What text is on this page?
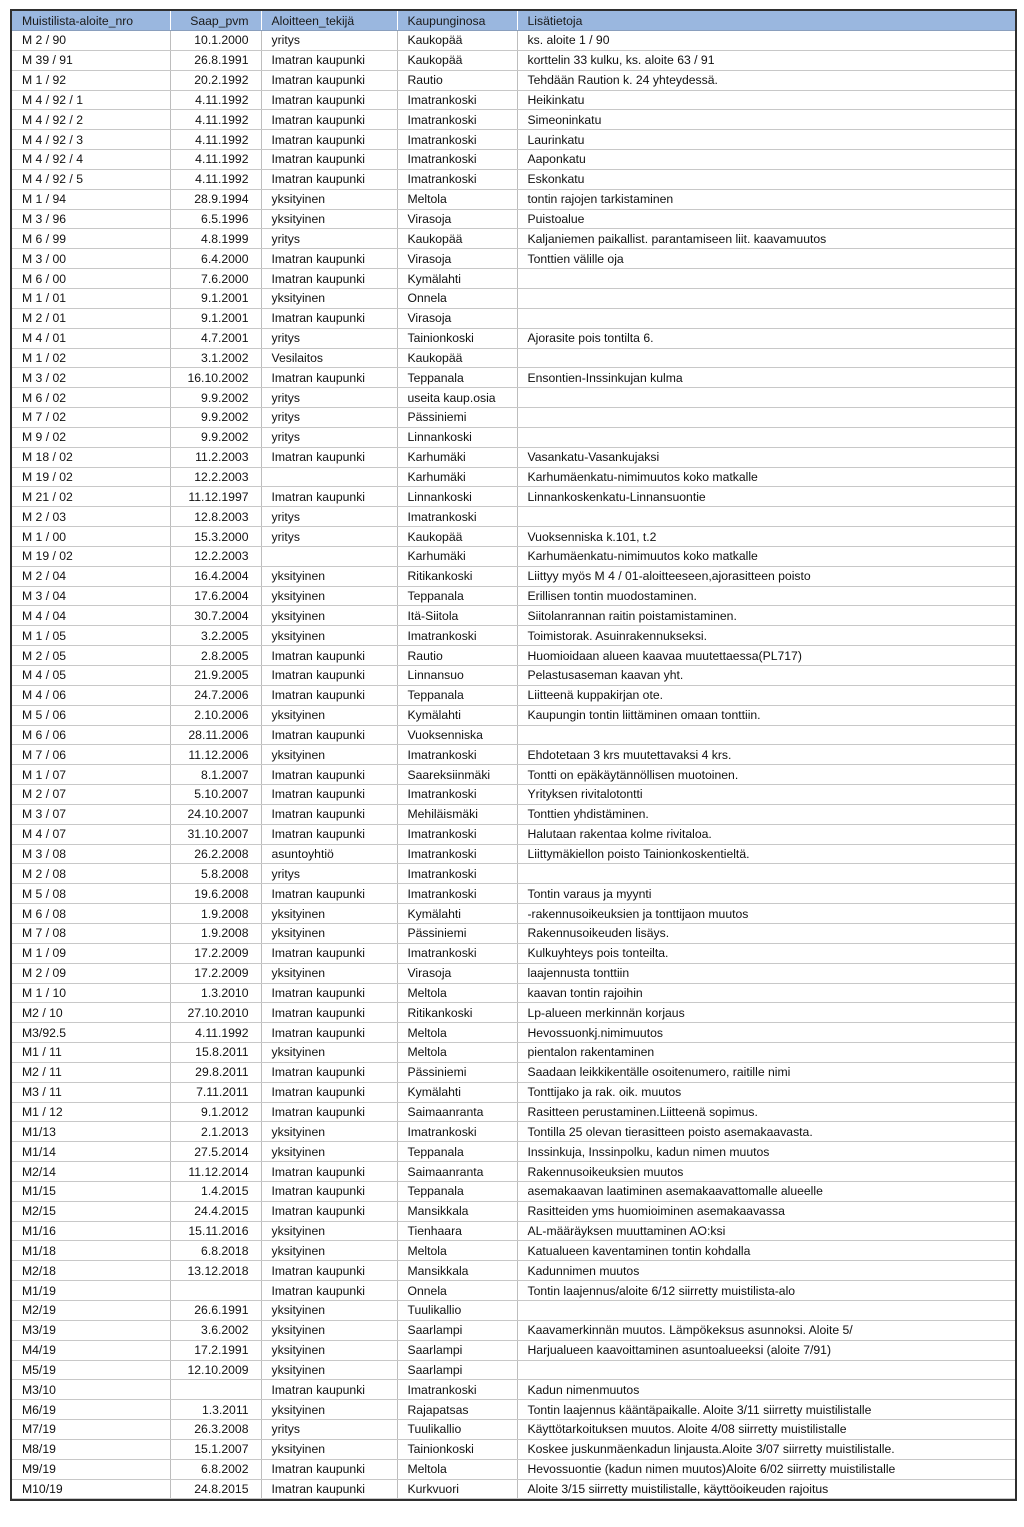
Muistilista-aloite_nro	Saap_pvm	Aloitteen_tekijä	Kaupunginosa	Lisätietoja
M 2 / 90	10.1.2000	yritys	Kaukopää	ks. aloite 1 / 90
M 39 / 91	26.8.1991	Imatran kaupunki	Kaukopää	korttelin 33 kulku, ks. aloite 63 / 91
M 1 / 92	20.2.1992	Imatran kaupunki	Rautio	Tehdään Raution k. 24 yhteydessä.
M 4 / 92 / 1	4.11.1992	Imatran kaupunki	Imatrankoski	Heikinkatu
M 4 / 92 / 2	4.11.1992	Imatran kaupunki	Imatrankoski	Simeoninkatu
M 4 / 92 / 3	4.11.1992	Imatran kaupunki	Imatrankoski	Laurinkatu
M 4 / 92 / 4	4.11.1992	Imatran kaupunki	Imatrankoski	Aaponkatu
M 4 / 92 / 5	4.11.1992	Imatran kaupunki	Imatrankoski	Eskonkatu
M 1 / 94	28.9.1994	yksityinen	Meltola	tontin rajojen tarkistaminen
M 3 / 96	6.5.1996	yksityinen	Virasoja	Puistoalue
M 6 / 99	4.8.1999	yritys	Kaukopää	Kaljaniemen paikallist. parantamiseen liit. kaavamuutos
M 3 / 00	6.4.2000	Imatran kaupunki	Virasoja	Tonttien välille oja
M 6 / 00	7.6.2000	Imatran kaupunki	Kymälahti	
M 1 / 01	9.1.2001	yksityinen	Onnela	
M 2 / 01	9.1.2001	Imatran kaupunki	Virasoja	
M 4 / 01	4.7.2001	yritys	Tainionkoski	Ajorasite pois tontilta 6.
M 1 / 02	3.1.2002	Vesilaitos	Kaukopää	
M 3 / 02	16.10.2002	Imatran kaupunki	Teppanala	Ensontien-Inssinkujan kulma
M 6 / 02	9.9.2002	yritys	useita kaup.osia	
M 7 / 02	9.9.2002	yritys	Pässiniemi	
M 9 / 02	9.9.2002	yritys	Linnankoski	
M 18 / 02	11.2.2003	Imatran kaupunki	Karhumäki	Vasankatu-Vasankujaksi
M 19 / 02	12.2.2003		Karhumäki	Karhumäenkatu-nimimuutos koko matkalle
M 21 / 02	11.12.1997	Imatran kaupunki	Linnankoski	Linnankoskenkatu-Linnansuontie
M 2 / 03	12.8.2003	yritys	Imatrankoski	
M 1 / 00	15.3.2000	yritys	Kaukopää	Vuoksenniska k.101, t.2
M 19 / 02	12.2.2003		Karhumäki	Karhumäenkatu-nimimuutos koko matkalle
M 2 / 04	16.4.2004	yksityinen	Ritikankoski	Liittyy myös M 4 / 01-aloitteeseen,ajorasitteen poisto
M 3 / 04	17.6.2004	yksityinen	Teppanala	Erillisen tontin muodostaminen.
M 4 / 04	30.7.2004	yksityinen	Itä-Siitola	Siitolanrannan raitin poistamistaminen.
M 1 / 05	3.2.2005	yksityinen	Imatrankoski	Toimistorak. Asuinrakennukseksi.
M 2 / 05	2.8.2005	Imatran kaupunki	Rautio	Huomioidaan alueen kaavaa muutettaessa(PL717)
M 4 / 05	21.9.2005	Imatran kaupunki	Linnansuo	Pelastusaseman kaavan yht.
M 4 / 06	24.7.2006	Imatran kaupunki	Teppanala	Liitteenä kuppakirjan ote.
M 5 / 06	2.10.2006	yksityinen	Kymälahti	Kaupungin tontin liittäminen omaan tonttiin.
M 6 / 06	28.11.2006	Imatran kaupunki	Vuoksenniska	
M 7 / 06	11.12.2006	yksityinen	Imatrankoski	Ehdotetaan 3 krs muutettavaksi 4 krs.
M 1 / 07	8.1.2007	Imatran kaupunki	Saareksiinmäki	Tontti on epäkäytännöllisen muotoinen.
M 2 / 07	5.10.2007	Imatran kaupunki	Imatrankoski	Yrityksen rivitalotontti
M 3 / 07	24.10.2007	Imatran kaupunki	Mehiläismäki	Tonttien yhdistäminen.
M 4 / 07	31.10.2007	Imatran kaupunki	Imatrankoski	Halutaan rakentaa kolme rivitaloa.
M 3 / 08	26.2.2008	asuntoyhtiö	Imatrankoski	Liittymäkiellon poisto Tainionkoskentieltä.
M 2 / 08	5.8.2008	yritys	Imatrankoski	
M 5 / 08	19.6.2008	Imatran kaupunki	Imatrankoski	Tontin varaus ja myynti
M 6 / 08	1.9.2008	yksityinen	Kymälahti	-rakennusoikeuksien ja tonttijaon muutos
M 7 / 08	1.9.2008	yksityinen	Pässiniemi	Rakennusoikeuden lisäys.
M 1 / 09	17.2.2009	Imatran kaupunki	Imatrankoski	Kulkuyhteys pois tonteilta.
M 2 / 09	17.2.2009	yksityinen	Virasoja	laajennusta tonttiin
M 1 / 10	1.3.2010	Imatran kaupunki	Meltola	kaavan tontin rajoihin
M2 / 10	27.10.2010	Imatran kaupunki	Ritikankoski	Lp-alueen merkinnän korjaus
M3/92.5	4.11.1992	Imatran kaupunki	Meltola	Hevossuonkj.nimimuutos
M1 / 11	15.8.2011	yksityinen	Meltola	pientalon rakentaminen
M2 / 11	29.8.2011	Imatran kaupunki	Pässiniemi	Saadaan leikkikentälle osoitenumero, raitille nimi
M3 / 11	7.11.2011	Imatran kaupunki	Kymälahti	Tonttijako ja rak. oik. muutos
M1 / 12	9.1.2012	Imatran kaupunki	Saimaanranta	Rasitteen perustaminen.Liitteenä sopimus.
M1/13	2.1.2013	yksityinen	Imatrankoski	Tontilla 25 olevan tierasitteen poisto asemakaavasta.
M1/14	27.5.2014	yksityinen	Teppanala	Inssinkuja, Inssinpolku, kadun nimen muutos
M2/14	11.12.2014	Imatran kaupunki	Saimaanranta	Rakennusoikeuksien muutos
M1/15	1.4.2015	Imatran kaupunki	Teppanala	asemakaavan laatiminen asemakaavattomalle alueelle
M2/15	24.4.2015	Imatran kaupunki	Mansikkala	Rasitteiden yms huomioiminen asemakaavassa
M1/16	15.11.2016	yksityinen	Tienhaara	AL-määräyksen muuttaminen AO:ksi
M1/18	6.8.2018	yksityinen	Meltola	Katualueen kaventaminen tontin kohdalla
M2/18	13.12.2018	Imatran kaupunki	Mansikkala	Kadunnimen muutos
M1/19		Imatran kaupunki	Onnela	Tontin laajennus/aloite 6/12 siirretty muistilista-alo
M2/19	26.6.1991	yksityinen	Tuulikallio	
M3/19	3.6.2002	yksityinen	Saarlampi	Kaavamerkinnän muutos. Lämpökeksus asunnoksi. Aloite 5/
M4/19	17.2.1991	yksityinen	Saarlampi	Harjualueen kaavoittaminen asuntoalueeksi (aloite 7/91)
M5/19	12.10.2009	yksityinen	Saarlampi	
M3/10		Imatran kaupunki	Imatrankoski	Kadun nimenmuutos
M6/19	1.3.2011	yksityinen	Rajapatsas	Tontin laajennus kääntäpaikalle. Aloite 3/11 siirretty muistilistalle
M7/19	26.3.2008	yritys	Tuulikallio	Käyttötarkoituksen muutos. Aloite 4/08 siirretty muistilistalle
M8/19	15.1.2007	yksityinen	Tainionkoski	Koskee juskunmäenkadun linjausta.Aloite 3/07 siirretty muistilistalle.
M9/19	6.8.2002	Imatran kaupunki	Meltola	Hevossuontie (kadun nimen muutos)Aloite 6/02 siirretty muistilistalle
M10/19	24.8.2015	Imatran kaupunki	Kurkvuori	Aloite 3/15 siirretty muistilistalle, käyttöoikeuden rajoitus
